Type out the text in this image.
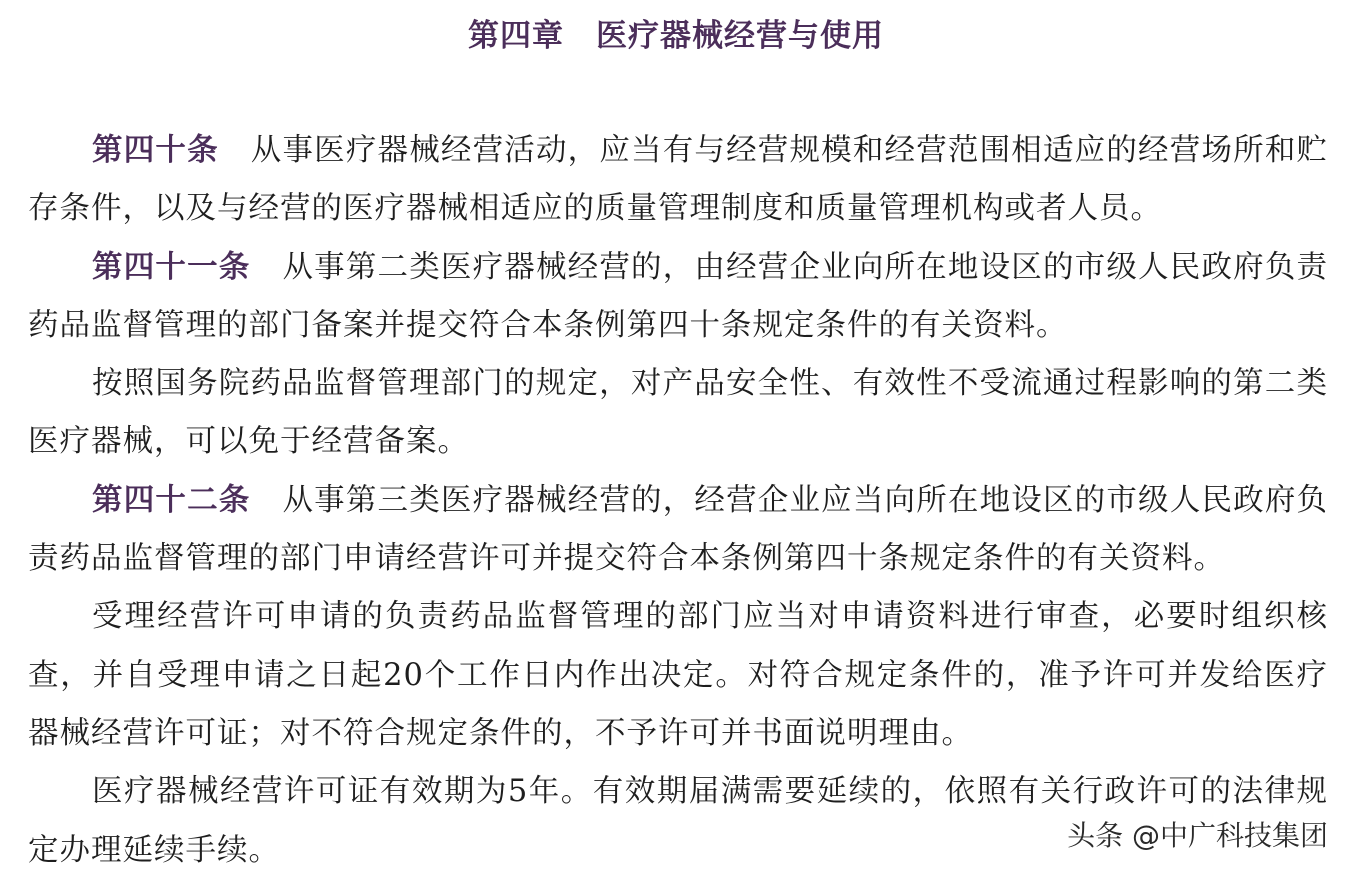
第四章　医疗器械经营与使用

第四十条 从事医疗器械经营活动，应当有与经营规模和经营范围相适应的经营场所和贮存条件，以及与经营的医疗器械相适应的质量管理制度和质量管理机构或者人员。

第四十一条 从事第二类医疗器械经营的，由经营企业向所在地设区的市级人民政府负责药品监督管理的部门备案并提交符合本条例第四十条规定条件的有关资料。

按照国务院药品监督管理部门的规定，对产品安全性、有效性不受流通过程影响的第二类医疗器械，可以免于经营备案。

第四十二条 从事第三类医疗器械经营的，经营企业应当向所在地设区的市级人民政府负责药品监督管理的部门申请经营许可并提交符合本条例第四十条规定条件的有关资料。

受理经营许可申请的负责药品监督管理的部门应当对申请资料进行审查，必要时组织核查，并自受理申请之日起20个工作日内作出决定。对符合规定条件的，准予许可并发给医疗器械经营许可证；对不符合规定条件的，不予许可并书面说明理由。

医疗器械经营许可证有效期为5年。有效期届满需要延续的，依照有关行政许可的法律规定办理延续手续。	头条 @中广科技集团
